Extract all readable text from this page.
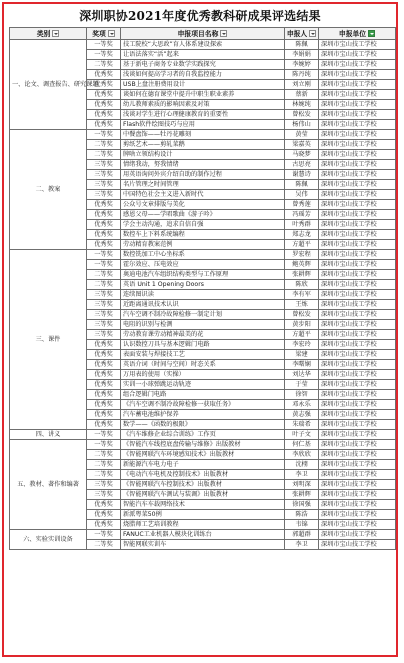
深圳职协2021年度优秀教科研成果评选结果
类别	奖项	申报项目名称	申报人	申报单位

一、论文、调查报告、研究课题	一等奖	技工院校“大思政”育人体系建设探索	陈佩	深圳市宝山技工学校
	一等奖	让语法落实“活”起来	李娟娟	深圳市宝山技工学校
	二等奖	基于新电子商务专业数学实践探究	李婉婷	深圳市宝山技工学校
	优秀奖	浅谈如何提高学习者的自我监控能力	陈丹纯	深圳市宝山技工学校
	优秀奖	USB上盘注册费用设计	刘立刚	深圳市宝山技工学校
	优秀奖	谈如何在德育课堂中提升中职生职业素养	蔡新	深圳市宝山技工学校
	优秀奖	幼儿教师素质的影响因素及对策	林婉纯	深圳市宝山技工学校
	优秀奖	浅谈对学生进行心理健康教育的重要性	曾松发	深圳市宝山技工学校
	优秀奖	Flash软件绘图技巧与应用	杨伟山	深圳市宝山技工学校
二、教案	一等奖	中餐盘饰——牡丹花雕刻	黄莹	深圳市宝山技工学校
	二等奖	剪纸艺术——剪轧菜鹅	梁嘉英	深圳市宝山技工学校
	二等奖	牌啥立领结构设计	马晓梦	深圳市宝山技工学校
	三等奖	情绪我动，努我情绪	古思亮	深圳市宝山技工学校
	三等奖	用英语询问外宾介绍自助的制作过程	谢慧诗	深圳市宝山技工学校
	三等奖	名片管理之时间管理	陈佩	深圳市宝山技工学校
	三等奖	中国特色社会主义进入新时代	吴伟	深圳市宝山技工学校
	优秀奖	公众号文章排版与美化	曾秀莲	深圳市宝山技工学校
	优秀奖	感恩父母——学唱歌曲《游子吟》	冯瑶芳	深圳市宝山技工学校
	优秀奖	学会主动沟通，追求自信自强	叶秀群	深圳市宝山技工学校
	优秀奖	数控车上下料系统编程	郑志龙	深圳市宝山技工学校
	优秀奖	劳动精育教案范例	方超平	深圳市宝山技工学校
三、课件	一等奖	数控铣加工中心坐标系	罗宏程	深圳市宝山技工学校
	一等奖	霍尔效应、压电效应	鲍英辉	深圳市宝山技工学校
	二等奖	奥迪电池汽车组织结构类型与工作原理	张耕辉	深圳市宝山技工学校
	二等奖	英语 Unit 1 Opening Doors	陈欣	深圳市宝山技工学校
	三等奖	连续图识读	李有军	深圳市宝山技工学校
	三等奖	近距离通讯技术认识	王炼	深圳市宝山技工学校
	三等奖	汽车空调不制冷故障检修一制定计划	曾松发	深圳市宝山技工学校
	三等奖	电阻的识别与检测	黄步阳	深圳市宝山技工学校
	三等奖	劳动教育课劳动精神最美的花	方超平	深圳市宝山技工学校
	优秀奖	认识数控刀具与基本逻辑门电路	李宏玲	深圳市宝山技工学校
	优秀奖	表面安装与焊接技工艺	梁建	深圳市宝山技工学校
	优秀奖	英语介词（时间与空间）时态关系	李曙娴	深圳市宝山技工学校
	优秀奖	万用表的使用（实操）	刘达华	深圳市宝山技工学校
	优秀奖	实训一小球弹跳运动轨迹	于莹	深圳市宝山技工学校
	优秀奖	组合逻辑门电路	徐智	深圳市宝山技工学校
	优秀奖	《汽车空调不制冷故障检修一获取任务》	邓永乐	深圳市宝山技工学校
	优秀奖	汽车蓄电池维护保养	黄志强	深圳市宝山技工学校
	优秀奖	数学——《函数的极限》	朱瑞希	深圳市宝山技工学校
四、讲义	一等奖	《汽车维修企业综合训练》工作页	叶子文	深圳市宝山技工学校
五、教材、著作和编著	一等奖	《智能汽车线控底盘传输与维修》出版教材	何仁基	深圳市宝山技工学校
	二等奖	《智能网联汽车环境感知技术》出版教材	李欣欣	深圳市宝山技工学校
	二等奖	新能源汽车电力电子	沈栩	深圳市宝山技工学校
	二等奖	《电动汽车电机及控制技术》出版教材	李卫	深圳市宝山技工学校
	三等奖	《智能网联汽车控制技术》出版教材	刘明深	深圳市宝山技工学校
	三等奖	《智能网联汽车测试与装调》出版教材	张耕辉	深圳市宝山技工学校
	优秀奖	智能汽车车载网络技术	徐国强	深圳市宝山技工学校
	优秀奖	新派粤菜50例	陈浩	深圳市宝山技工学校
	优秀奖	烧腊师工艺培训教程	韦锦	深圳市宝山技工学校
六、实验实训设备	一等奖	FANUC工业机器人模块化训练台	郭超群	深圳市宝山技工学校
	二等奖	智能网联实训车	李卫	深圳市宝山技工学校
